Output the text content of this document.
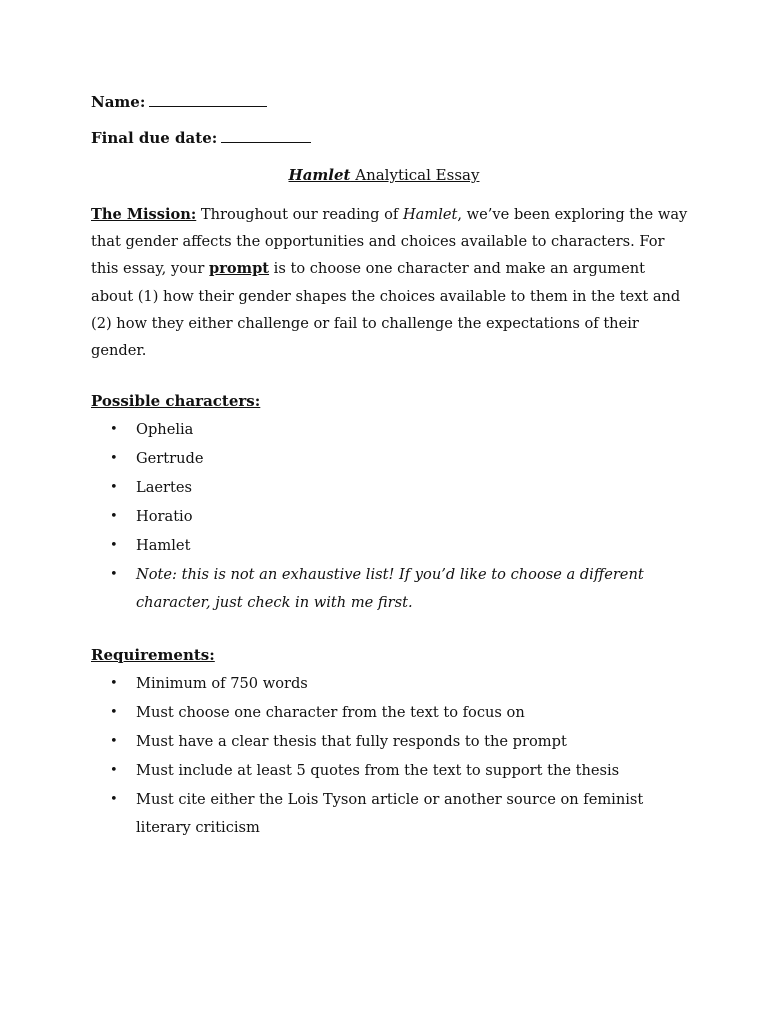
Name:
Final due date:
Hamlet Analytical Essay
The Mission: Throughout our reading of Hamlet, we’ve been exploring the way that gender affects the opportunities and choices available to characters. For this essay, your prompt is to choose one character and make an argument about (1) how their gender shapes the choices available to them in the text and (2) how they either challenge or fail to challenge the expectations of their gender.
Possible characters:
• Ophelia
• Gertrude
• Laertes
• Horatio
• Hamlet
• Note: this is not an exhaustive list! If you’d like to choose a different character, just check in with me first.
Requirements:
• Minimum of 750 words
• Must choose one character from the text to focus on
• Must have a clear thesis that fully responds to the prompt
• Must include at least 5 quotes from the text to support the thesis
• Must cite either the Lois Tyson article or another source on feminist literary criticism
